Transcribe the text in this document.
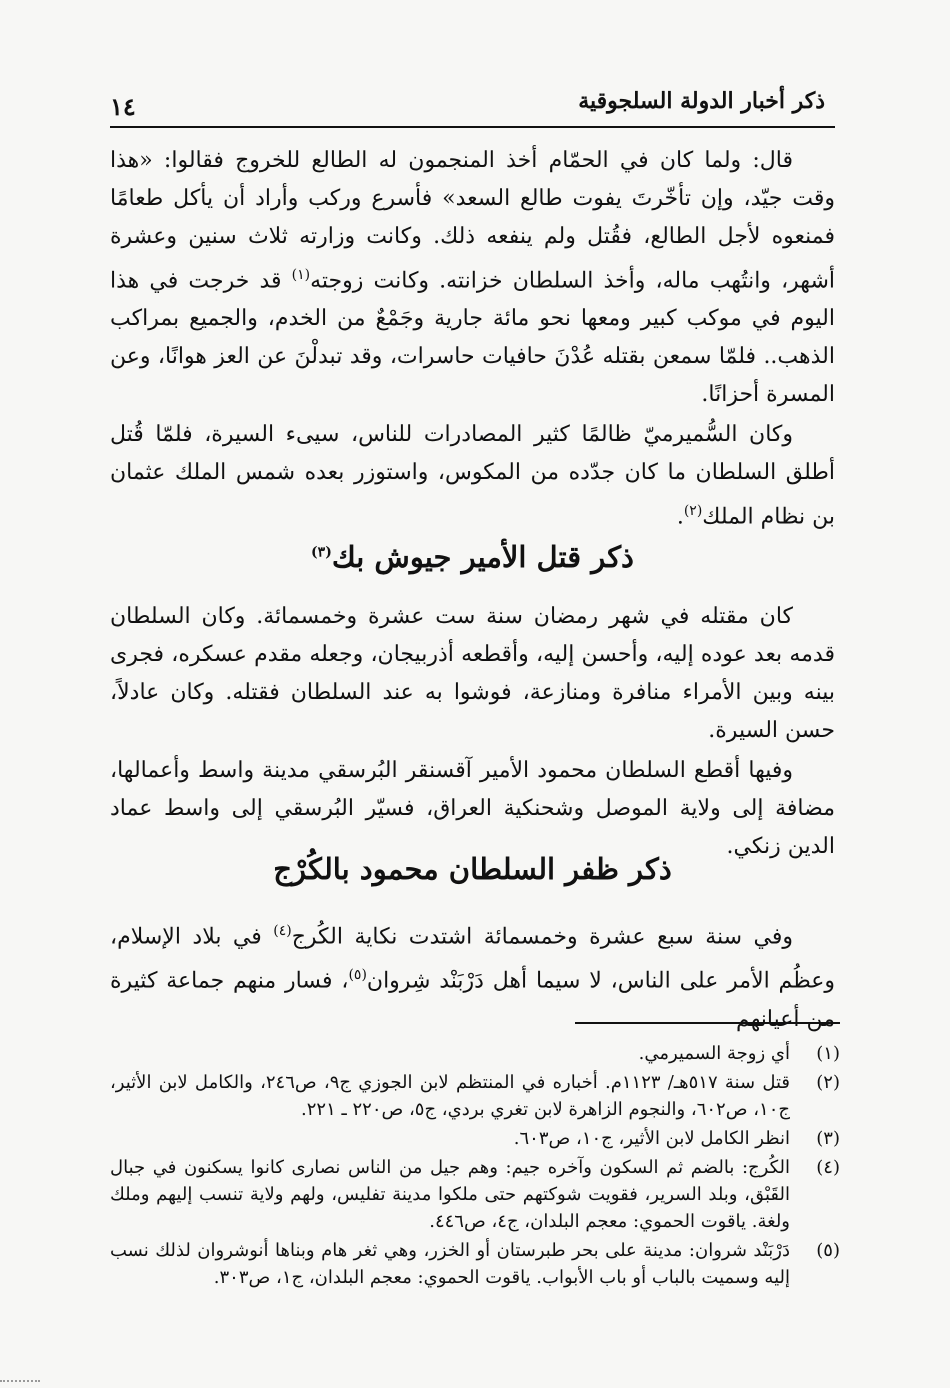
ذكر أخبار الدولة السلجوقية
١٤

قال: ولما كان في الحمّام أخذ المنجمون له الطالع للخروج فقالوا: «هذا وقت جيّد، وإن تأخّرتَ يفوت طالع السعد» فأسرع وركب وأراد أن يأكل طعامًا فمنعوه لأجل الطالع، فقُتل ولم ينفعه ذلك. وكانت وزارته ثلاث سنين وعشرة أشهر، وانتُهب ماله، وأخذ السلطان خزانته. وكانت زوجته$^{(١)}$ قد خرجت في هذا اليوم في موكب كبير ومعها نحو مائة جارية وجَمْعٌ من الخدم، والجميع بمراكب الذهب.. فلمّا سمعن بقتله عُدْنَ حافيات حاسرات، وقد تبدلْنَ عن العز هوانًا، وعن المسرة أحزانًا.

وكان السُّميرميّ ظالمًا كثير المصادرات للناس، سيىء السيرة، فلمّا قُتل أطلق السلطان ما كان جدّده من المكوس، واستوزر بعده شمس الملك عثمان بن نظام الملك$^{(٢)}$.

ذكر قتل الأمير جيوش بك$^{(٣)}$

كان مقتله في شهر رمضان سنة ست عشرة وخمسمائة. وكان السلطان قدمه بعد عوده إليه، وأحسن إليه، وأقطعه أذربيجان، وجعله مقدم عسكره، فجرى بينه وبين الأمراء منافرة ومنازعة، فوشوا به عند السلطان فقتله. وكان عادلاً، حسن السيرة.

وفيها أقطع السلطان محمود الأمير آقسنقر البُرسقي مدينة واسط وأعمالها، مضافة إلى ولاية الموصل وشحنكية العراق، فسيّر البُرسقي إلى واسط عماد الدين زنكي.

ذكر ظفر السلطان محمود بالكُرْج

وفي سنة سبع عشرة وخمسمائة اشتدت نكاية الكُرج$^{(٤)}$ في بلاد الإسلام، وعظُم الأمر على الناس، لا سيما أهل دَرْبَنْد شِروان$^{(٥)}$، فسار منهم جماعة كثيرة من أعيانهم

(١)
أي زوجة السميرمي.
(٢)
قتل سنة ٥١٧هـ/ ١١٢٣م. أخباره في المنتظم لابن الجوزي ج٩، ص٢٤٦، والكامل لابن الأثير، ج١٠، ص٦٠٢، والنجوم الزاهرة لابن تغري بردي، ج٥، ص٢٢٠ ـ ٢٢١.
(٣)
انظر الكامل لابن الأثير، ج١٠، ص٦٠٣.
(٤)
الكُرج: بالضم ثم السكون وآخره جيم: وهم جيل من الناس نصارى كانوا يسكنون في جبال القَبْق، وبلد السرير، فقويت شوكتهم حتى ملكوا مدينة تفليس، ولهم ولاية تنسب إليهم وملك ولغة. ياقوت الحموي: معجم البلدان، ج٤، ص٤٤٦.
(٥)
دَرْبَنْد شروان: مدينة على بحر طبرستان أو الخزر، وهي ثغر هام وبناها أنوشروان لذلك نسب إليه وسميت بالباب أو باب الأبواب. ياقوت الحموي: معجم البلدان، ج١، ص٣٠٣.
